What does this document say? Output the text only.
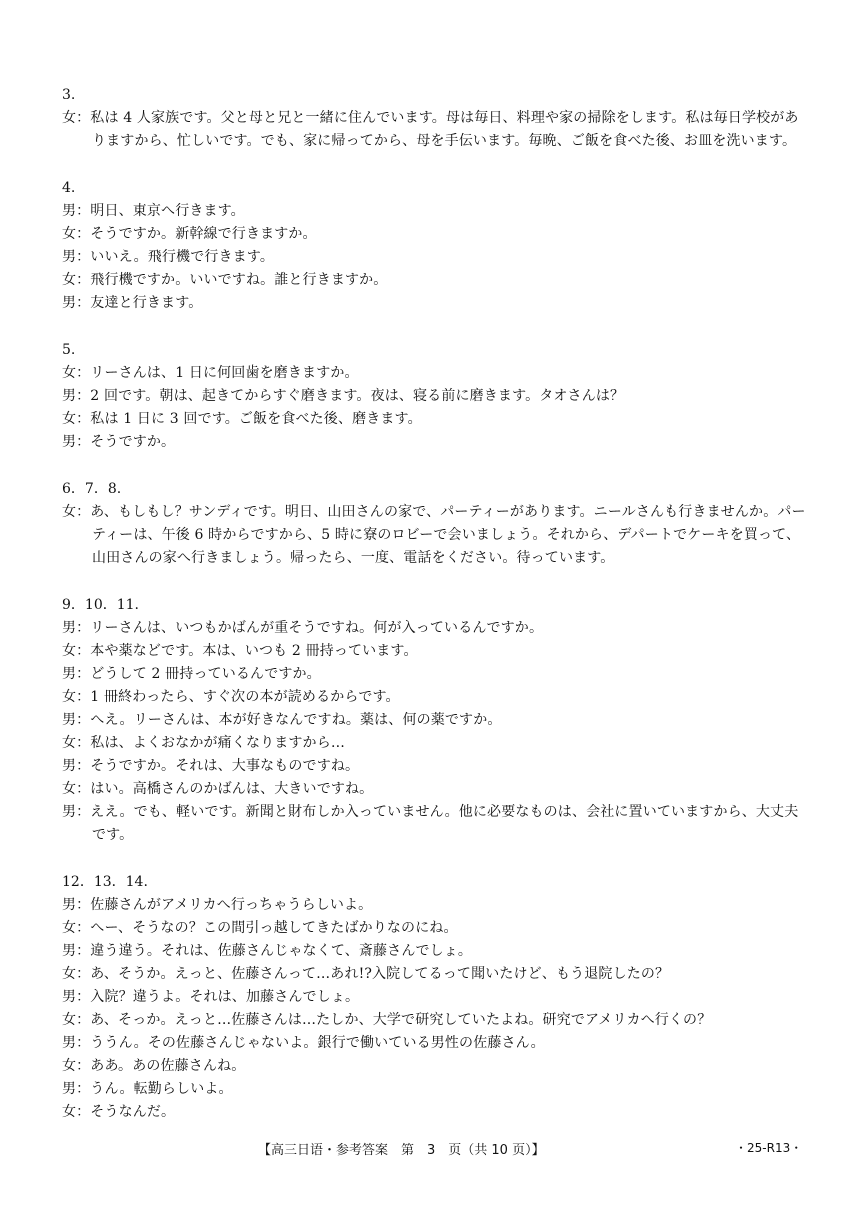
3.
女：私は 4 人家族です。父と母と兄と一緒に住んでいます。母は毎日、料理や家の掃除をします。私は毎日学校がありますから、忙しいです。でも、家に帰ってから、母を手伝います。毎晩、ご飯を食べた後、お皿を洗います。
4.
男：明日、東京へ行きます。
女：そうですか。新幹線で行きますか。
男：いいえ。飛行機で行きます。
女：飛行機ですか。いいですね。誰と行きますか。
男：友達と行きます。
5.
女：リーさんは、1 日に何回歯を磨きますか。
男：2 回です。朝は、起きてからすぐ磨きます。夜は、寝る前に磨きます。タオさんは？
女：私は 1 日に 3 回です。ご飯を食べた後、磨きます。
男：そうですか。
6．7．8.
女：あ、もしもし？サンディです。明日、山田さんの家で、パーティーがあります。ニールさんも行きませんか。パーティーは、午後 6 時からですから、5 時に寮のロビーで会いましょう。それから、デパートでケーキを買って、山田さんの家へ行きましょう。帰ったら、一度、電話をください。待っています。
9．10．11.
男：リーさんは、いつもかばんが重そうですね。何が入っているんですか。
女：本や薬などです。本は、いつも 2 冊持っています。
男：どうして 2 冊持っているんですか。
女：1 冊終わったら、すぐ次の本が読めるからです。
男：へえ。リーさんは、本が好きなんですね。薬は、何の薬ですか。
女：私は、よくおなかが痛くなりますから…
男：そうですか。それは、大事なものですね。
女：はい。高橋さんのかばんは、大きいですね。
男：ええ。でも、軽いです。新聞と財布しか入っていません。他に必要なものは、会社に置いていますから、大丈夫です。
12．13．14.
男：佐藤さんがアメリカへ行っちゃうらしいよ。
女：へー、そうなの？この間引っ越してきたばかりなのにね。
男：違う違う。それは、佐藤さんじゃなくて、斎藤さんでしょ。
女：あ、そうか。えっと、佐藤さんって…あれ!?入院してるって聞いたけど、もう退院したの？
男：入院？違うよ。それは、加藤さんでしょ。
女：あ、そっか。えっと…佐藤さんは…たしか、大学で研究していたよね。研究でアメリカへ行くの？
男：ううん。その佐藤さんじゃないよ。銀行で働いている男性の佐藤さん。
女：ああ。あの佐藤さんね。
男：うん。転勤らしいよ。
女：そうなんだ。
【高三日语・参考答案　第　3　页（共 10 页）】	・25-R13・
